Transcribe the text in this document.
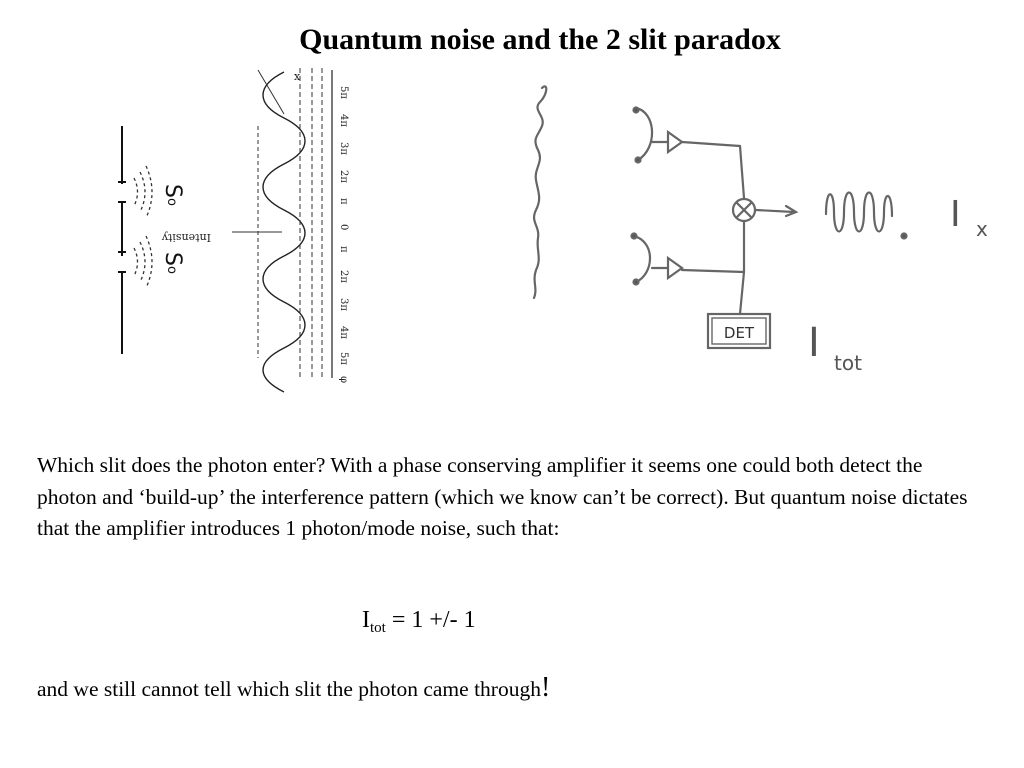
Quantum noise and the 2 slit paradox
S
o
S
o
Intensity
x
5π
4π
3π
2π
π
0
π
2π
3π
4π
5π
φ
DET
I x
I tot
Which slit does the photon enter? With a phase conserving amplifier it seems one could both detect the photon and ‘build-up’ the interference pattern (which we know can’t be correct). But quantum noise dictates that the amplifier introduces 1 photon/mode noise, such that:
$I_{tot} = 1$ +/- 1
and we still cannot tell which slit the photon came through!
